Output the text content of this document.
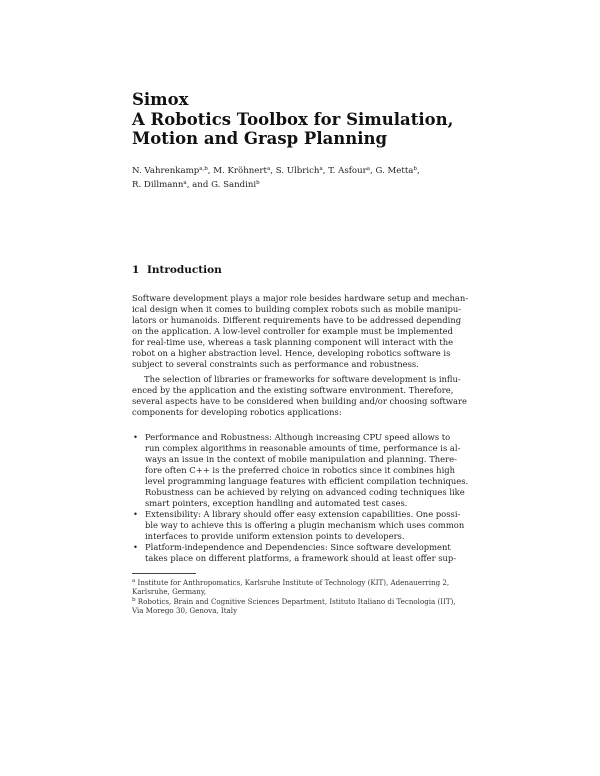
Simox
A Robotics Toolbox for Simulation,
Motion and Grasp Planning
N. Vahrenkamp$^{a,b}$, M. Kröhnert$^a$, S. Ulbrich$^a$, T. Asfour$^a$, G. Metta$^b$,
R. Dillmann$^a$, and G. Sandini$^b$
1 Introduction
Software development plays a major role besides hardware setup and mechan-
ical design when it comes to building complex robots such as mobile manipu-
lators or humanoids. Different requirements have to be addressed depending
on the application. A low-level controller for example must be implemented
for real-time use, whereas a task planning component will interact with the
robot on a higher abstraction level. Hence, developing robotics software is
subject to several constraints such as performance and robustness.
The selection of libraries or frameworks for software development is influ-
enced by the application and the existing software environment. Therefore,
several aspects have to be considered when building and/or choosing software
components for developing robotics applications:
• Performance and Robustness: Although increasing CPU speed allows to
run complex algorithms in reasonable amounts of time, performance is al-
ways an issue in the context of mobile manipulation and planning. There-
fore often C++ is the preferred choice in robotics since it combines high
level programming language features with efficient compilation techniques.
Robustness can be achieved by relying on advanced coding techniques like
smart pointers, exception handling and automated test cases.
• Extensibility: A library should offer easy extension capabilities. One possi-
ble way to achieve this is offering a plugin mechanism which uses common
interfaces to provide uniform extension points to developers.
• Platform-independence and Dependencies: Since software development
takes place on different platforms, a framework should at least offer sup-
$^a$ Institute for Anthropomatics, Karlsruhe Institute of Technology (KIT), Adenauerring 2,
Karlsruhe, Germany,
$^b$ Robotics, Brain and Cognitive Sciences Department, Istituto Italiano di Tecnologia (IIT),
Via Morego 30, Genova, Italy
